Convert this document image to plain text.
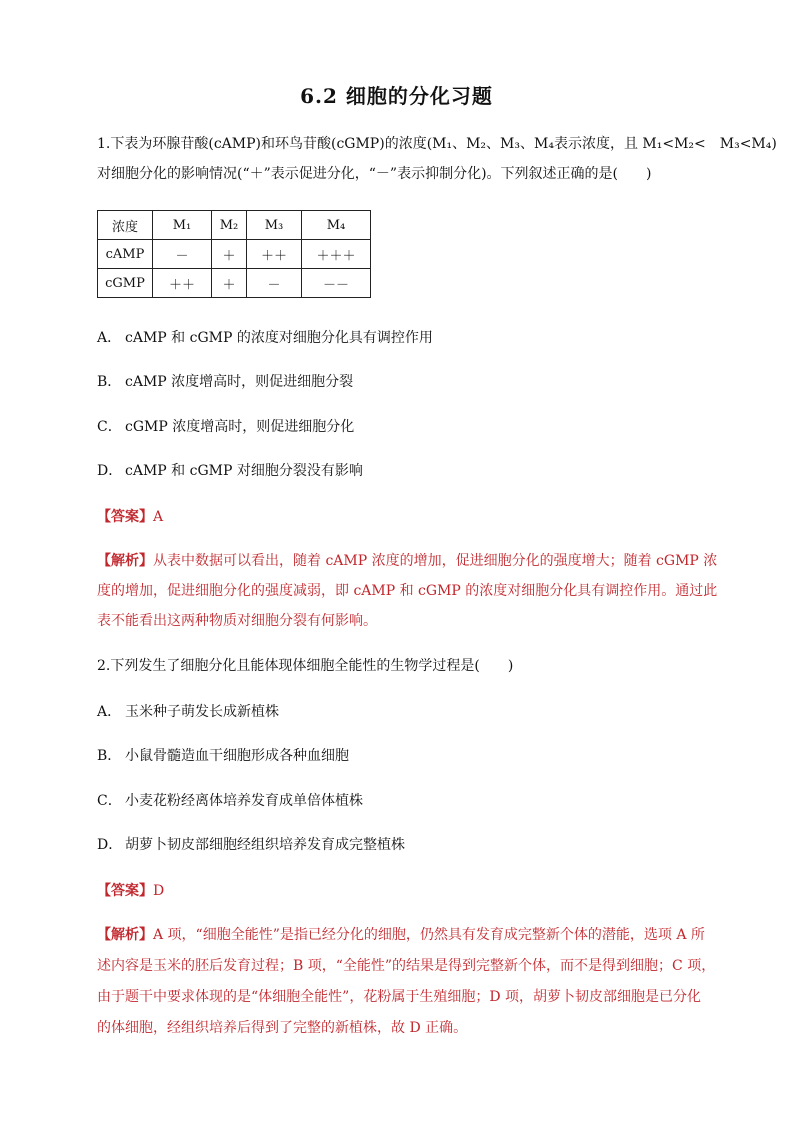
6.2 细胞的分化习题
1.下表为环腺苷酸(cAMP)和环鸟苷酸(cGMP)的浓度(M₁、M₂、M₃、M₄表示浓度，且 M₁<M₂<　M₃<M₄)
对细胞分化的影响情况(“＋”表示促进分化，“－”表示抑制分化)。下列叙述正确的是(　　)
浓度	M₁	M₂	M₃	M₄
cAMP	－	＋	＋＋	＋＋＋
cGMP	＋＋	＋	－	－－
A． cAMP 和 cGMP 的浓度对细胞分化具有调控作用
B． cAMP 浓度增高时，则促进细胞分裂
C． cGMP 浓度增高时，则促进细胞分化
D． cAMP 和 cGMP 对细胞分裂没有影响
【答案】A
【解析】从表中数据可以看出，随着 cAMP 浓度的增加，促进细胞分化的强度增大；随着 cGMP 浓
度的增加，促进细胞分化的强度减弱，即 cAMP 和 cGMP 的浓度对细胞分化具有调控作用。通过此
表不能看出这两种物质对细胞分裂有何影响。
2.下列发生了细胞分化且能体现体细胞全能性的生物学过程是(　　)
A． 玉米种子萌发长成新植株
B． 小鼠骨髓造血干细胞形成各种血细胞
C． 小麦花粉经离体培养发育成单倍体植株
D． 胡萝卜韧皮部细胞经组织培养发育成完整植株
【答案】D
【解析】A 项，“细胞全能性”是指已经分化的细胞，仍然具有发育成完整新个体的潜能，选项 A 所
述内容是玉米的胚后发育过程；B 项，“全能性”的结果是得到完整新个体，而不是得到细胞；C 项，
由于题干中要求体现的是“体细胞全能性”，花粉属于生殖细胞；D 项，胡萝卜韧皮部细胞是已分化
的体细胞，经组织培养后得到了完整的新植株，故 D 正确。
